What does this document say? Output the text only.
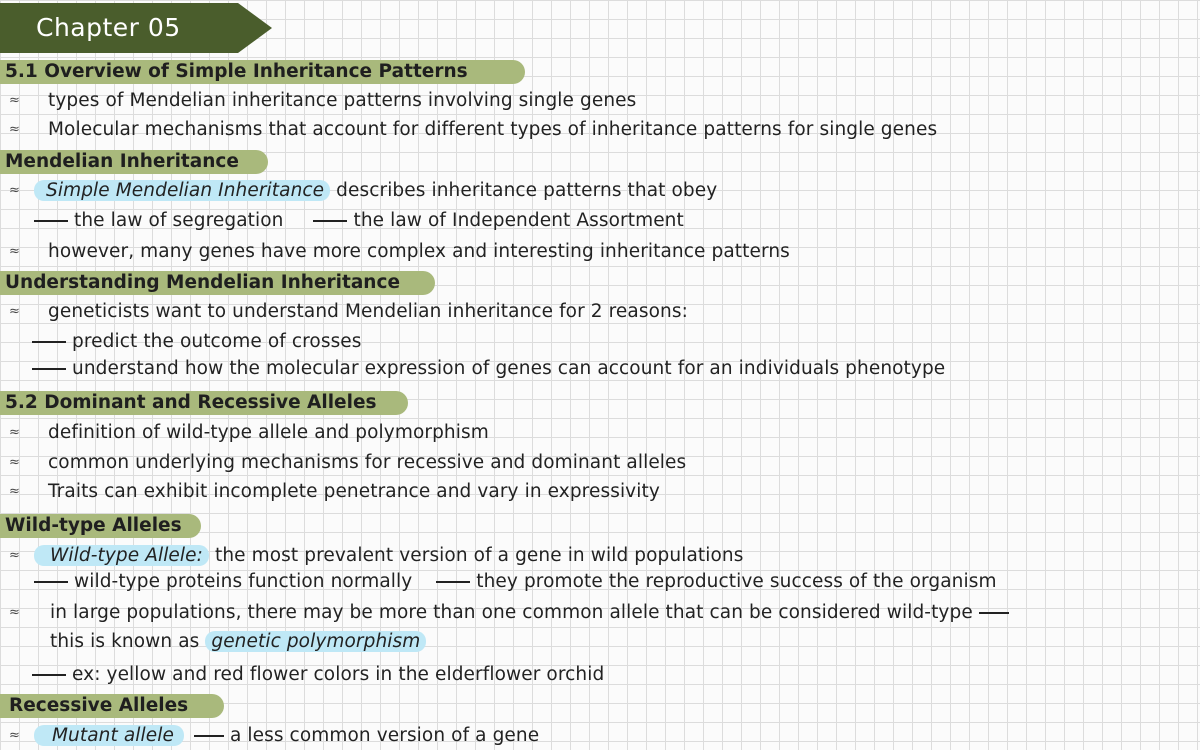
Chapter 05
5.1 Overview of Simple Inheritance Patterns
≈ types of Mendelian inheritance patterns involving single genes
≈ Molecular mechanisms that account for different types of inheritance patterns for single genes
Mendelian Inheritance
≈	Simple Mendelian Inheritance describes inheritance patterns that obey
the law of segregation	the law of Independent Assortment
≈ however, many genes have more complex and interesting inheritance patterns
Understanding Mendelian Inheritance
≈ geneticists want to understand Mendelian inheritance for 2 reasons:
predict the outcome of crosses
understand how the molecular expression of genes can account for an individuals phenotype
5.2 Dominant and Recessive Alleles
≈ definition of wild-type allele and polymorphism
≈ common underlying mechanisms for recessive and dominant alleles
≈ Traits can exhibit incomplete penetrance and vary in expressivity
Wild-type Alleles
≈	Wild-type Allele: the most prevalent version of a gene in wild populations
wild-type proteins function normally	they promote the reproductive success of the organism
≈ in large populations, there may be more than one common allele that can be considered wild-type
this is known as genetic polymorphism
ex: yellow and red flower colors in the elderflower orchid
Recessive Alleles
≈	Mutant allele	a less common version of a gene
